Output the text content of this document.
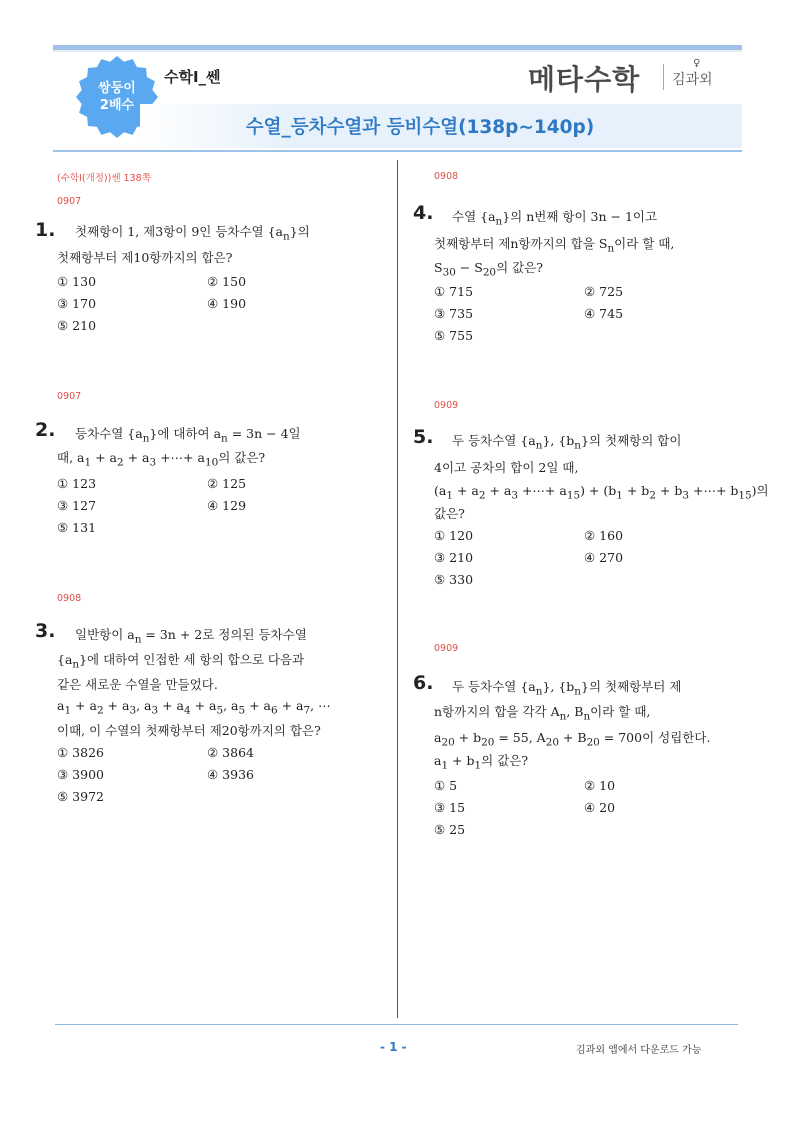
쌍둥이
2배수
수학Ⅰ_쎈	메타수학	♀
김과외
수열_등차수열과 등비수열(138p~140p)
(수학Ⅰ(개정))쎈 138쪽
0907
1. 첫째항이 1, 제3항이 9인 등차수열 $\{a_n\}$의
첫째항부터 제10항까지의 합은?
① 130	② 150
③ 170	④ 190
⑤ 210
0907
2. 등차수열 $\{a_n\}$에 대하여 $a_n = 3n - 4$일
때, $a_1 + a_2 + a_3$ +⋯+ $a_{10}$의 값은?
① 123	② 125
③ 127	④ 129
⑤ 131
0908
3. 일반항이 $a_n = 3n + 2$로 정의된 등차수열
$\{a_n\}$에 대하여 인접한 세 항의 합으로 다음과
같은 새로운 수열을 만들었다.
$a_1 + a_2 + a_3$, $a_3 + a_4 + a_5$, $a_5 + a_6 + a_7$, ⋯
이때, 이 수열의 첫째항부터 제20항까지의 합은?
① 3826	② 3864
③ 3900	④ 3936
⑤ 3972
0908
4. 수열 $\{a_n\}$의 n번째 항이 3n − 1이고
첫째항부터 제n항까지의 합을 $S_n$이라 할 때,
$S_{30} - S_{20}$의 값은?
① 715	② 725
③ 735	④ 745
⑤ 755
0909
5. 두 등차수열 $\{a_n\}$, $\{b_n\}$의 첫째항의 합이
4이고 공차의 합이 2일 때,
($a_1 + a_2 + a_3$ +⋯+ $a_{15}) + (b_1 + b_2 + b_3$ +⋯+ $b_{15}$)의
값은?
① 120	② 160
③ 210	④ 270
⑤ 330
0909
6. 두 등차수열 $\{a_n\}$, $\{b_n\}$의 첫째항부터 제
n항까지의 합을 각각 $A_n$, $B_n$이라 할 때,
$a_{20} + b_{20} = 55$, $A_{20} + B_{20} = 700$이 성립한다.
$a_1 + b_1$의 값은?
① 5	② 10
③ 15	④ 20
⑤ 25
- 1 -	김과외 앱에서 다운로드 가능
